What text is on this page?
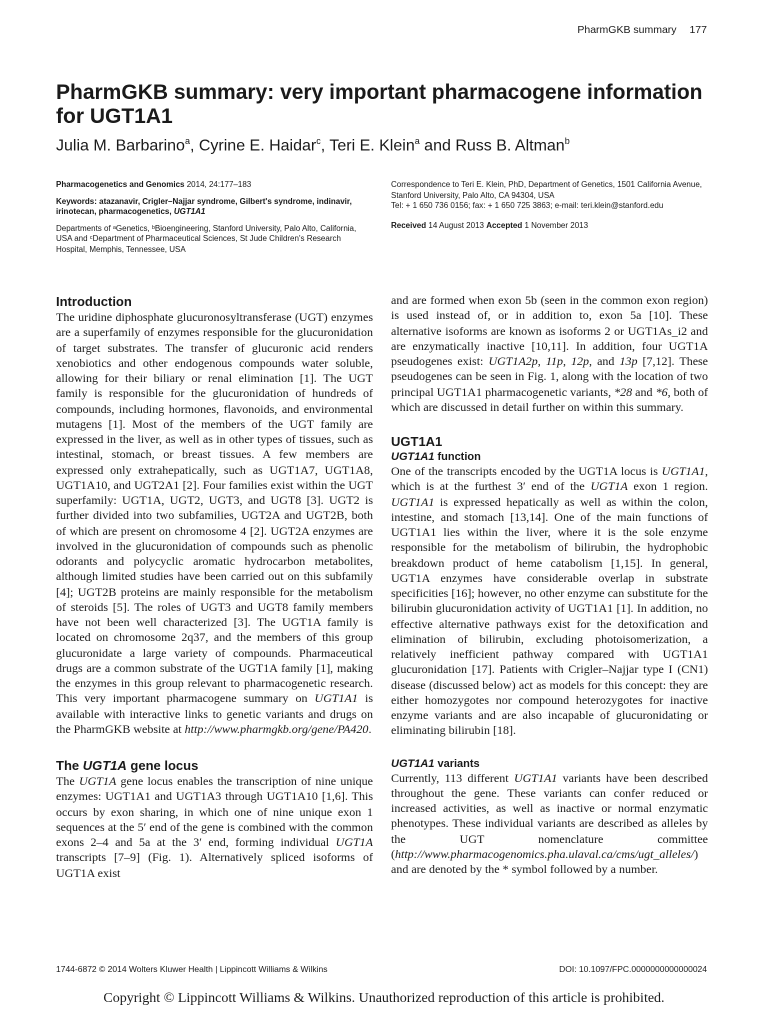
PharmGKB summary 177
PharmGKB summary: very important pharmacogene information for UGT1A1
Julia M. Barbarino$^a$, Cyrine E. Haidar$^c$, Teri E. Klein$^a$ and Russ B. Altman$^b$

Pharmacogenetics and Genomics 2014, 24:177–183

Keywords: atazanavir, Crigler–Najjar syndrome, Gilbert's syndrome, indinavir, irinotecan, pharmacogenetics, UGT1A1

Departments of ᵃGenetics, ᵇBioengineering, Stanford University, Palo Alto, California, USA and ᶜDepartment of Pharmaceutical Sciences, St Jude Children's Research Hospital, Memphis, Tennessee, USA

Correspondence to Teri E. Klein, PhD, Department of Genetics, 1501 California Avenue, Stanford University, Palo Alto, CA 94304, USA
Tel: + 1 650 736 0156; fax: + 1 650 725 3863; e-mail: teri.klein@stanford.edu

Received 14 August 2013 Accepted 1 November 2013

Introduction

The uridine diphosphate glucuronosyltransferase (UGT) enzymes are a superfamily of enzymes responsible for the glucuronidation of target substrates. The transfer of glucuronic acid renders xenobiotics and other endogenous compounds water soluble, allowing for their biliary or renal elimination [1]. The UGT family is responsible for the glucuronidation of hundreds of compounds, including hormones, flavonoids, and environmental mutagens [1]. Most of the members of the UGT family are expressed in the liver, as well as in other types of tissues, such as intestinal, stomach, or breast tissues. A few members are expressed only extrahepatically, such as UGT1A7, UGT1A8, UGT1A10, and UGT2A1 [2]. Four families exist within the UGT superfamily: UGT1A, UGT2, UGT3, and UGT8 [3]. UGT2 is further divided into two subfamilies, UGT2A and UGT2B, both of which are present on chromosome 4 [2]. UGT2A enzymes are involved in the glucuronidation of compounds such as phenolic odorants and polycyclic aromatic hydrocarbon metabolites, although limited studies have been carried out on this subfamily [4]; UGT2B proteins are mainly responsible for the metabolism of steroids [5]. The roles of UGT3 and UGT8 family members have not been well characterized [3]. The UGT1A family is located on chromosome 2q37, and the members of this group glucuronidate a large variety of compounds. Pharmaceutical drugs are a common substrate of the UGT1A family [1], making the enzymes in this group relevant to pharmacogenetic research. This very important pharmacogene summary on UGT1A1 is available with interactive links to genetic variants and drugs on the PharmGKB website at http://www.pharmgkb.org/gene/PA420.

The UGT1A gene locus

The UGT1A gene locus enables the transcription of nine unique enzymes: UGT1A1 and UGT1A3 through UGT1A10 [1,6]. This occurs by exon sharing, in which one of nine unique exon 1 sequences at the 5′ end of the gene is combined with the common exons 2–4 and 5a at the 3′ end, forming individual UGT1A transcripts [7–9] (Fig. 1). Alternatively spliced isoforms of UGT1A exist

and are formed when exon 5b (seen in the common exon region) is used instead of, or in addition to, exon 5a [10]. These alternative isoforms are known as isoforms 2 or UGT1As_i2 and are enzymatically inactive [10,11]. In addition, four UGT1A pseudogenes exist: UGT1A2p, 11p, 12p, and 13p [7,12]. These pseudogenes can be seen in Fig. 1, along with the location of two principal UGT1A1 pharmacogenetic variants, *28 and *6, both of which are discussed in detail further on within this summary.

UGT1A1
UGT1A1 function

One of the transcripts encoded by the UGT1A locus is UGT1A1, which is at the furthest 3′ end of the UGT1A exon 1 region. UGT1A1 is expressed hepatically as well as within the colon, intestine, and stomach [13,14]. One of the main functions of UGT1A1 lies within the liver, where it is the sole enzyme responsible for the metabolism of bilirubin, the hydrophobic breakdown product of heme catabolism [1,15]. In general, UGT1A enzymes have considerable overlap in substrate specificities [16]; however, no other enzyme can substitute for the bilirubin glucuronidation activity of UGT1A1 [1]. In addition, no effective alternative pathways exist for the detoxification and elimination of bilirubin, excluding photoisomerization, a relatively inefficient pathway compared with UGT1A1 glucuronidation [17]. Patients with Crigler–Najjar type I (CN1) disease (discussed below) act as models for this concept: they are either homozygotes nor compound heterozygotes for inactive enzyme variants and are also incapable of glucuronidating or eliminating bilirubin [18].

UGT1A1 variants

Currently, 113 different UGT1A1 variants have been described throughout the gene. These variants can confer reduced or increased activities, as well as inactive or normal enzymatic phenotypes. These individual variants are described as alleles by the UGT nomenclature committee (http://www.pharmacogenomics.pha.ulaval.ca/cms/ugt_alleles/) and are denoted by the * symbol followed by a number.

1744-6872 © 2014 Wolters Kluwer Health | Lippincott Williams & Wilkins	DOI: 10.1097/FPC.0000000000000024
Copyright © Lippincott Williams & Wilkins. Unauthorized reproduction of this article is prohibited.
